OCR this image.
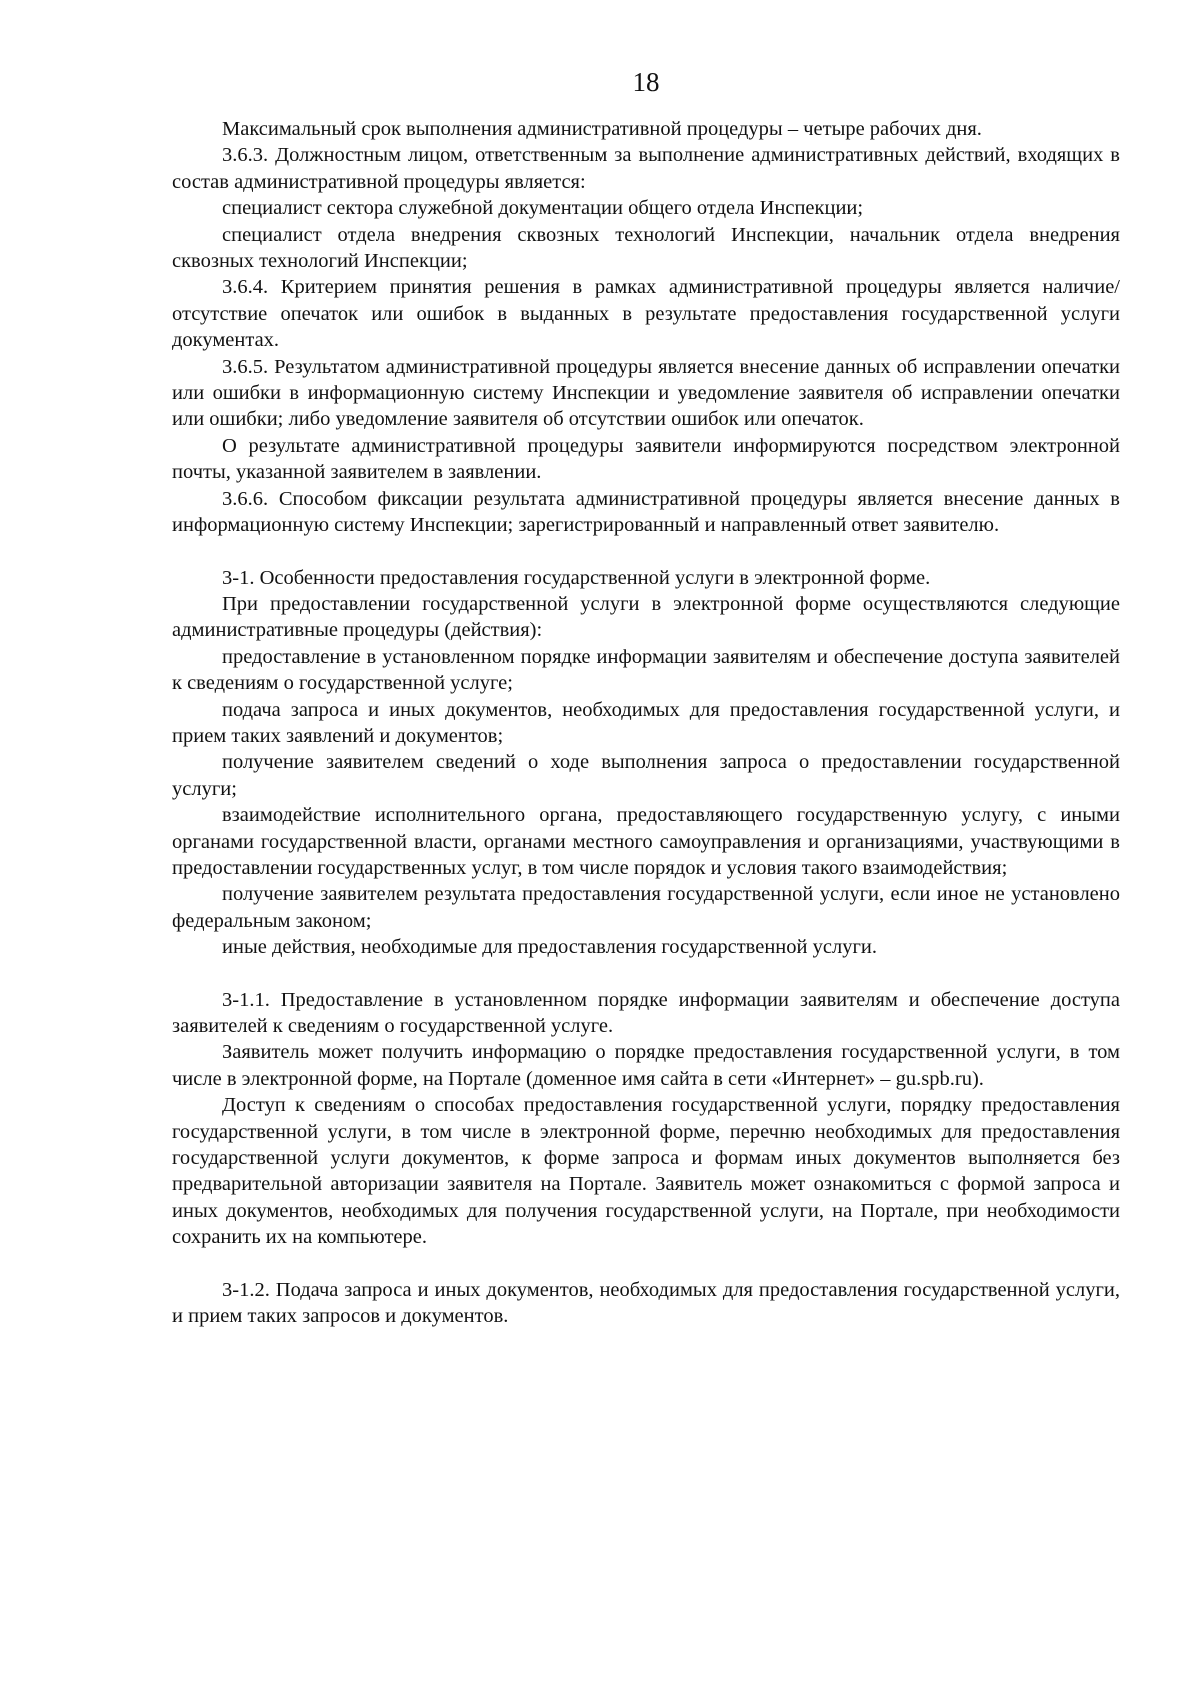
18

Максимальный срок выполнения административной процедуры – четыре рабочих дня.

3.6.3. Должностным лицом, ответственным за выполнение административных действий, входящих в состав административной процедуры является:

специалист сектора служебной документации общего отдела Инспекции;

специалист отдела внедрения сквозных технологий Инспекции, начальник отдела внедрения сквозных технологий Инспекции;

3.6.4. Критерием принятия решения в рамках административной процедуры является наличие/отсутствие опечаток или ошибок в выданных в результате предоставления государственной услуги документах.

3.6.5. Результатом административной процедуры является внесение данных об исправлении опечатки или ошибки в информационную систему Инспекции и уведомление заявителя об исправлении опечатки или ошибки; либо уведомление заявителя об отсутствии ошибок или опечаток.

О результате административной процедуры заявители информируются посредством электронной почты, указанной заявителем в заявлении.

3.6.6. Способом фиксации результата административной процедуры является внесение данных в информационную систему Инспекции; зарегистрированный и направленный ответ заявителю.

3-1. Особенности предоставления государственной услуги в электронной форме.

При предоставлении государственной услуги в электронной форме осуществляются следующие административные процедуры (действия):

предоставление в установленном порядке информации заявителям и обеспечение доступа заявителей к сведениям о государственной услуге;

подача запроса и иных документов, необходимых для предоставления государственной услуги, и прием таких заявлений и документов;

получение заявителем сведений о ходе выполнения запроса о предоставлении государственной услуги;

взаимодействие исполнительного органа, предоставляющего государственную услугу, с иными органами государственной власти, органами местного самоуправления и организациями, участвующими в предоставлении государственных услуг, в том числе порядок и условия такого взаимодействия;

получение заявителем результата предоставления государственной услуги, если иное не установлено федеральным законом;

иные действия, необходимые для предоставления государственной услуги.

3-1.1. Предоставление в установленном порядке информации заявителям и обеспечение доступа заявителей к сведениям о государственной услуге.

Заявитель может получить информацию о порядке предоставления государственной услуги, в том числе в электронной форме, на Портале (доменное имя сайта в сети «Интернет» – gu.spb.ru).

Доступ к сведениям о способах предоставления государственной услуги, порядку предоставления государственной услуги, в том числе в электронной форме, перечню необходимых для предоставления государственной услуги документов, к форме запроса и формам иных документов выполняется без предварительной авторизации заявителя на Портале. Заявитель может ознакомиться с формой запроса и иных документов, необходимых для получения государственной услуги, на Портале, при необходимости сохранить их на компьютере.

3-1.2. Подача запроса и иных документов, необходимых для предоставления государственной услуги, и прием таких запросов и документов.
